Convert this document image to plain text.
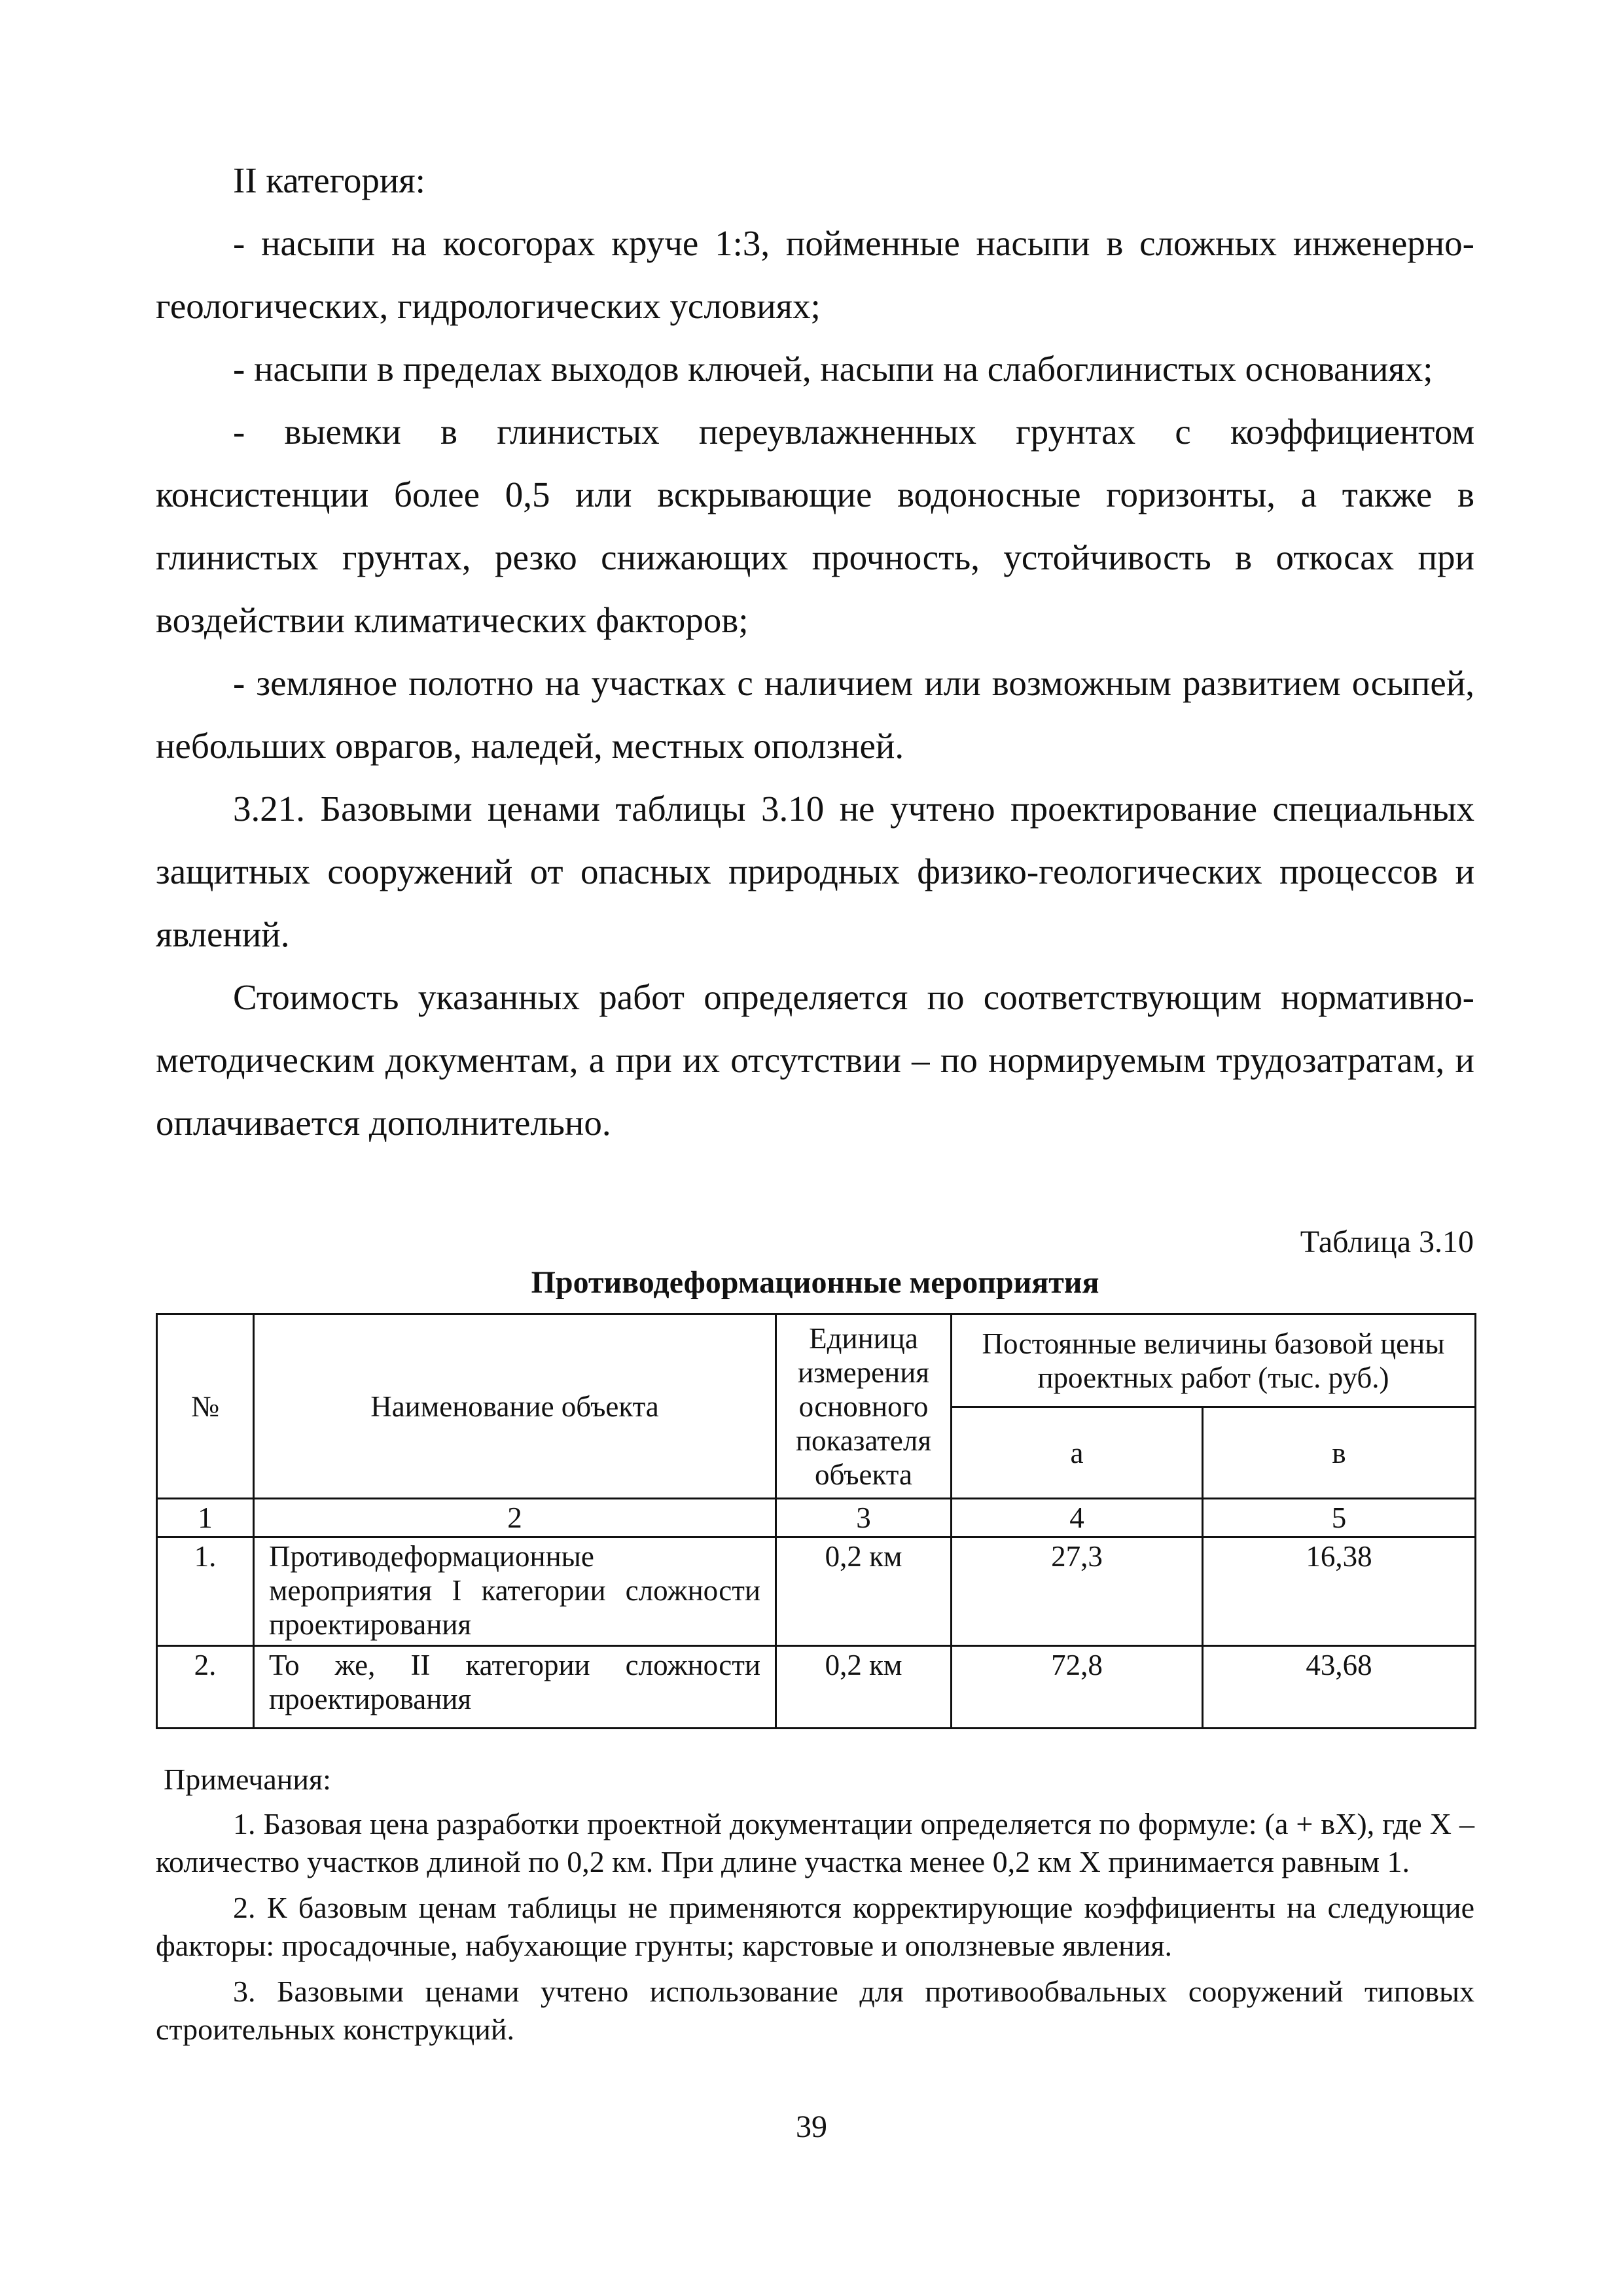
II категория:

- насыпи на косогорах круче 1:3, пойменные насыпи в сложных инженерно-геологических, гидрологических условиях;

- насыпи в пределах выходов ключей, насыпи на слабоглинистых основаниях;

- выемки в глинистых переувлажненных грунтах с коэффициентом консистенции более 0,5 или вскрывающие водоносные горизонты, а также в глинистых грунтах, резко снижающих прочность, устойчивость в откосах при воздействии климатических факторов;

- земляное полотно на участках с наличием или возможным развитием осыпей, небольших оврагов, наледей, местных оползней.

3.21. Базовыми ценами таблицы 3.10 не учтено проектирование специальных защитных сооружений от опасных природных физико-геологических процессов и явлений.

Стоимость указанных работ определяется по соответствующим нормативно-методическим документам, а при их отсутствии – по нормируемым трудозатратам, и оплачивается дополнительно.

Таблица 3.10
Противодеформационные мероприятия
№	Наименование объекта	Единица измерения основного показателя объекта	Постоянные величины базовой цены проектных работ (тыс. руб.)	
			а	в
1	2	3	4	5
1.	Противодеформационные мероприятия I категории сложности проектирования	0,2 км	27,3	16,38
2.	То же, II категории сложности проектирования	0,2 км	72,8	43,68

Примечания:

1. Базовая цена разработки проектной документации определяется по формуле: (а + вХ), где Х – количество участков длиной по 0,2 км. При длине участка менее 0,2 км Х принимается равным 1.

2. К базовым ценам таблицы не применяются корректирующие коэффициенты на следующие факторы: просадочные, набухающие грунты; карстовые и оползневые явления.

3. Базовыми ценами учтено использование для противообвальных сооружений типовых строительных конструкций.

39
